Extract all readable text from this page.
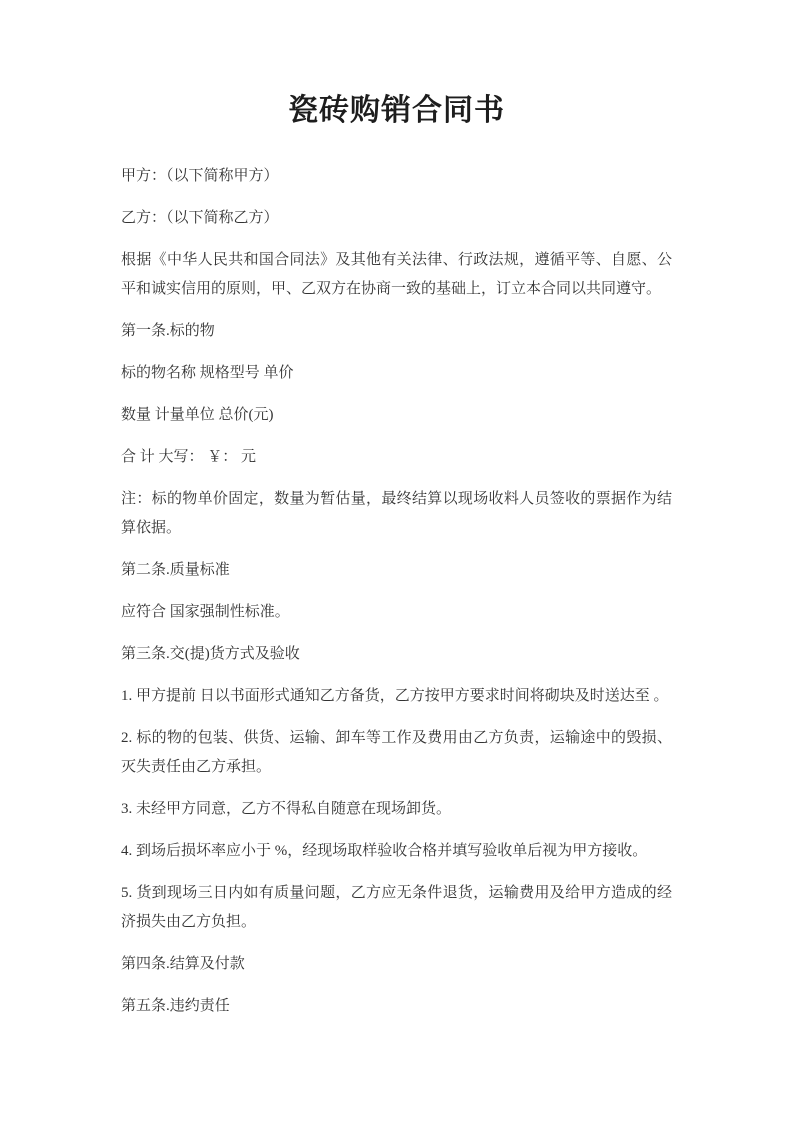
瓷砖购销合同书

甲方：（以下简称甲方）

乙方：（以下简称乙方）

根据《中华人民共和国合同法》及其他有关法律、行政法规，遵循平等、自愿、公平和诚实信用的原则，甲、乙双方在协商一致的基础上，订立本合同以共同遵守。

第一条.标的物

标的物名称 规格型号 单价

数量 计量单位 总价(元)

合 计 大写： ￥： 元

注：标的物单价固定，数量为暂估量，最终结算以现场收料人员签收的票据作为结算依据。

第二条.质量标准

应符合 国家强制性标准。

第三条.交(提)货方式及验收

1. 甲方提前 日以书面形式通知乙方备货，乙方按甲方要求时间将砌块及时送达至 。

2. 标的物的包装、供货、运输、卸车等工作及费用由乙方负责，运输途中的毁损、灭失责任由乙方承担。

3. 未经甲方同意，乙方不得私自随意在现场卸货。

4. 到场后损坏率应小于 %，经现场取样验收合格并填写验收单后视为甲方接收。

5. 货到现场三日内如有质量问题，乙方应无条件退货，运输费用及给甲方造成的经济损失由乙方负担。

第四条.结算及付款

第五条.违约责任
